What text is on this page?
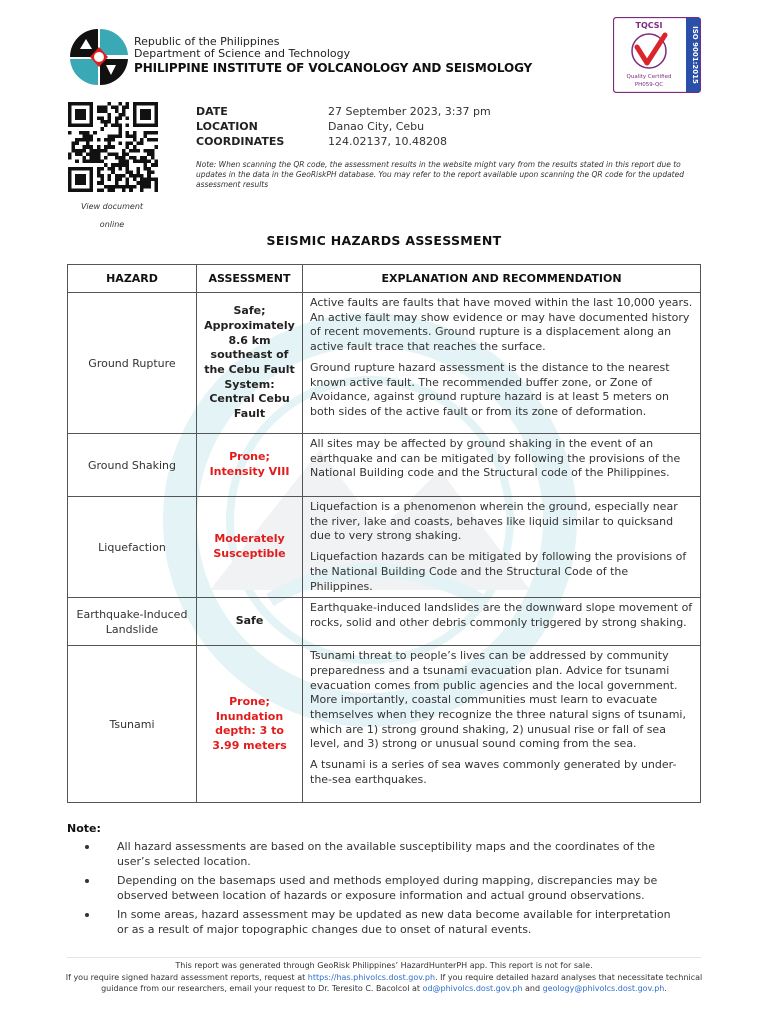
Republic of the Philippines
Department of Science and Technology
PHILIPPINE INSTITUTE OF VOLCANOLOGY AND SEISMOLOGY	ISO 9001:2015
TQCSI
Quality Certified
PH059-QC
View document
online
DATE	27 September 2023, 3:37 pm
LOCATION	Danao City, Cebu
COORDINATES	124.02137, 10.48208
Note: When scanning the QR code, the assessment results in the website might vary from the results stated in this report due to updates in the data in the GeoRiskPH database. You may refer to the report available upon scanning the QR code for the updated assessment results
SEISMIC HAZARDS ASSESSMENT
HAZARD	ASSESSMENT	EXPLANATION AND RECOMMENDATION
Ground Rupture	Safe; Approximately 8.6 km southeast of the Cebu Fault System: Central Cebu Fault	Active faults are faults that have moved within the last 10,000 years. An active fault may show evidence or may have documented history of recent movements. Ground rupture is a displacement along an active fault trace that reaches the surface.

Ground rupture hazard assessment is the distance to the nearest known active fault. The recommended buffer zone, or Zone of Avoidance, against ground rupture hazard is at least 5 meters on both sides of the active fault or from its zone of deformation.

Ground Shaking	Prone; Intensity VIII	All sites may be affected by ground shaking in the event of an earthquake and can be mitigated by following the provisions of the National Building code and the Structural code of the Philippines.

Liquefaction	Moderately Susceptible	Liquefaction is a phenomenon wherein the ground, especially near the river, lake and coasts, behaves like liquid similar to quicksand due to very strong shaking.

Liquefaction hazards can be mitigated by following the provisions of the National Building Code and the Structural Code of the Philippines.

Earthquake-Induced Landslide	Safe	Earthquake-induced landslides are the downward slope movement of rocks, solid and other debris commonly triggered by strong shaking.

Tsunami	Prone; Inundation depth: 3 to 3.99 meters	Tsunami threat to people’s lives can be addressed by community preparedness and a tsunami evacuation plan. Advice for tsunami evacuation comes from public agencies and the local government. More importantly, coastal communities must learn to evacuate themselves when they recognize the three natural signs of tsunami, which are 1) strong ground shaking, 2) unusual rise or fall of sea level, and 3) strong or unusual sound coming from the sea.

A tsunami is a series of sea waves commonly generated by under-the-sea earthquakes.

Note:
All hazard assessments are based on the available susceptibility maps and the coordinates of the user’s selected location.
Depending on the basemaps used and methods employed during mapping, discrepancies may be observed between location of hazards or exposure information and actual ground observations.
In some areas, hazard assessment may be updated as new data become available for interpretation or as a result of major topographic changes due to onset of natural events.
This report was generated through GeoRisk Philippines’ HazardHunterPH app. This report is not for sale.
If you require signed hazard assessment reports, request at https://has.phivolcs.dost.gov.ph. If you require detailed hazard analyses that necessitate technical guidance from our researchers, email your request to Dr. Teresito C. Bacolcol at od@phivolcs.dost.gov.ph and geology@phivolcs.dost.gov.ph.
